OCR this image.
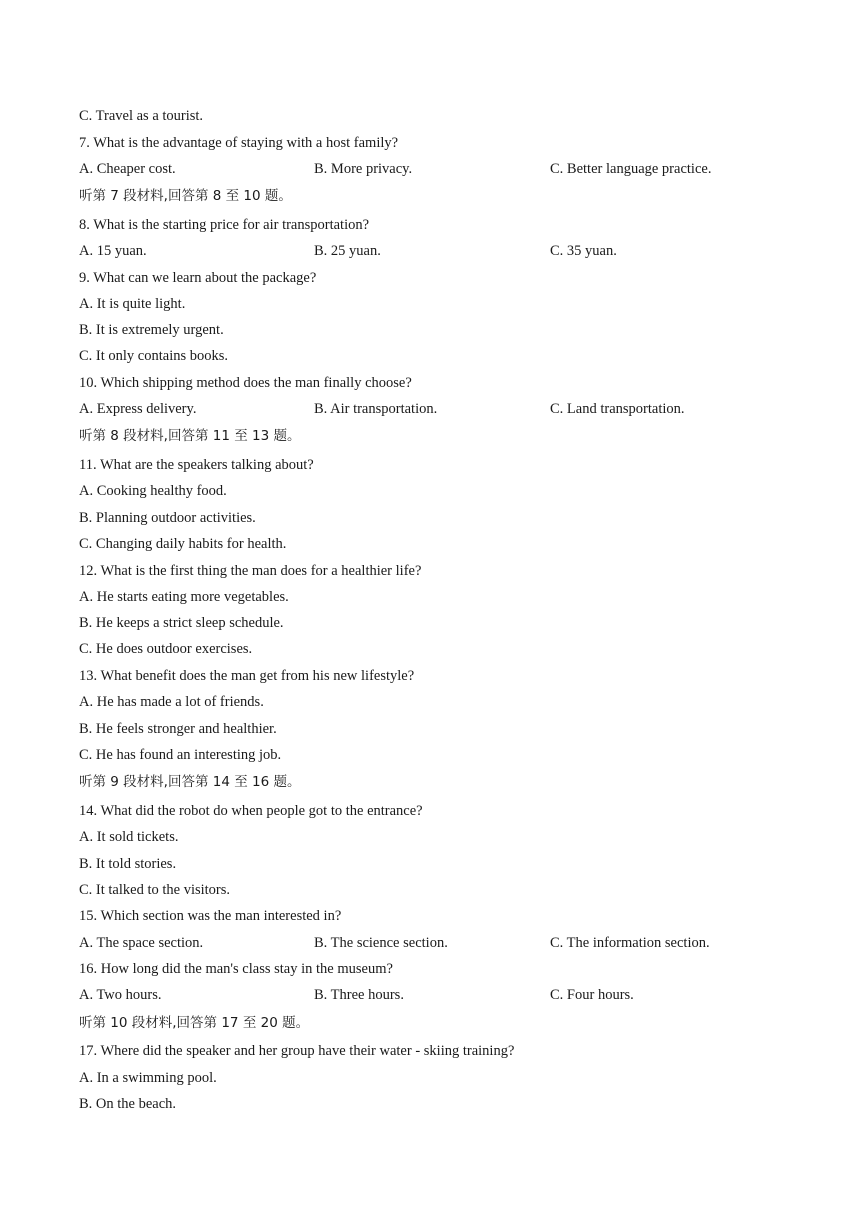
C. Travel as a tourist.
7. What is the advantage of staying with a host family?
A. Cheaper cost.	B. More privacy.	C. Better language practice.
听第 7 段材料,回答第 8 至 10 题。
8. What is the starting price for air transportation?
A. 15 yuan.	B. 25 yuan.	C. 35 yuan.
9. What can we learn about the package?
A. It is quite light.
B. It is extremely urgent.
C. It only contains books.
10. Which shipping method does the man finally choose?
A. Express delivery.	B. Air transportation.	C. Land transportation.
听第 8 段材料,回答第 11 至 13 题。
11. What are the speakers talking about?
A. Cooking healthy food.
B. Planning outdoor activities.
C. Changing daily habits for health.
12. What is the first thing the man does for a healthier life?
A. He starts eating more vegetables.
B. He keeps a strict sleep schedule.
C. He does outdoor exercises.
13. What benefit does the man get from his new lifestyle?
A. He has made a lot of friends.
B. He feels stronger and healthier.
C. He has found an interesting job.
听第 9 段材料,回答第 14 至 16 题。
14. What did the robot do when people got to the entrance?
A. It sold tickets.
B. It told stories.
C. It talked to the visitors.
15. Which section was the man interested in?
A. The space section.	B. The science section.	C. The information section.
16. How long did the man's class stay in the museum?
A. Two hours.	B. Three hours.	C. Four hours.
听第 10 段材料,回答第 17 至 20 题。
17. Where did the speaker and her group have their water - skiing training?
A. In a swimming pool.
B. On the beach.
